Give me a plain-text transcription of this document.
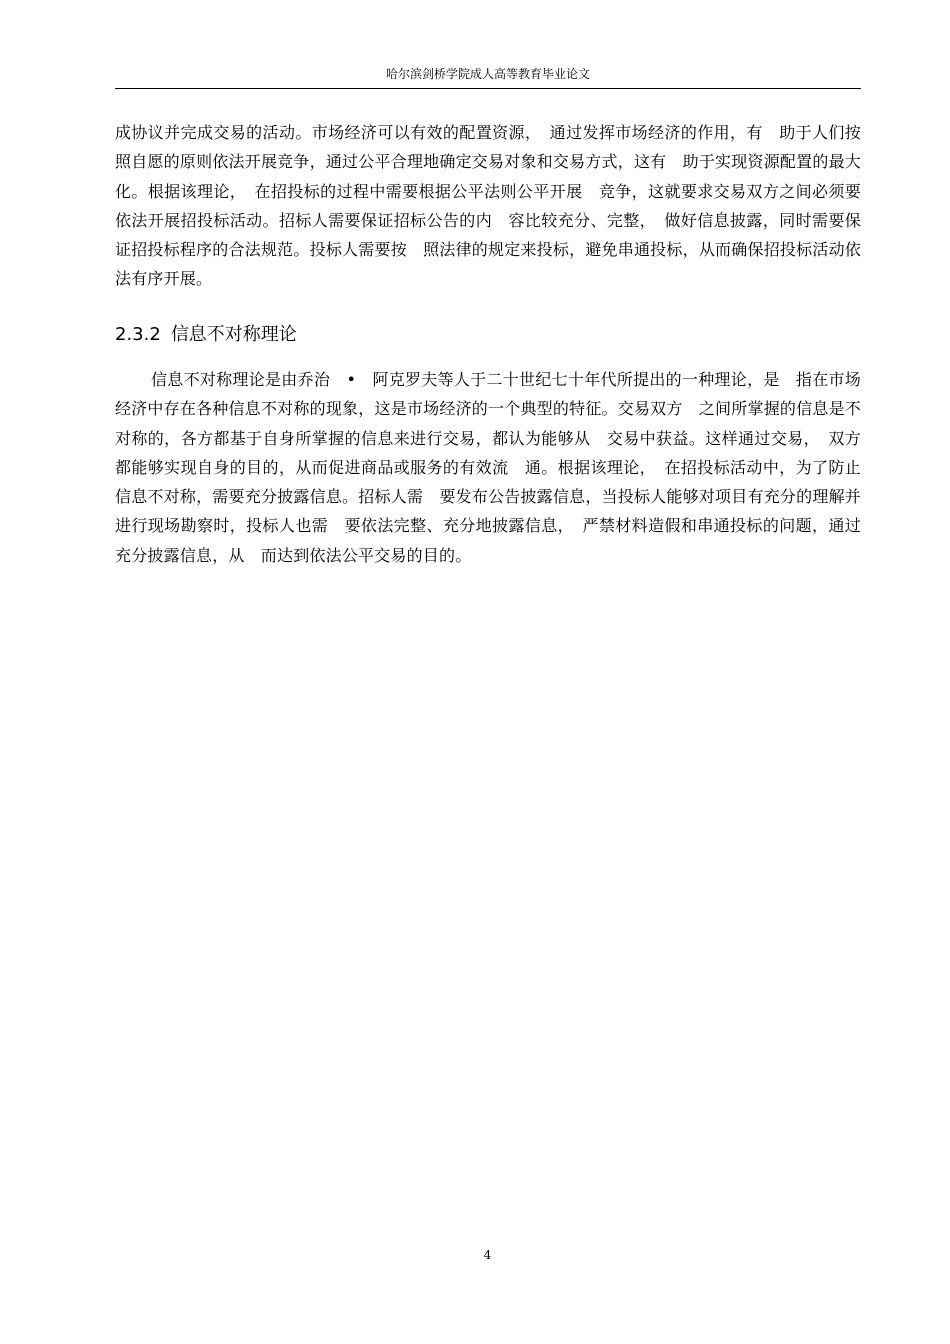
哈尔滨剑桥学院成人高等教育毕业论文

成协议并完成交易的活动。市场经济可以有效的配置资源，　通过发挥市场经济的作用，有　助于人们按照自愿的原则依法开展竞争，通过公平合理地确定交易对象和交易方式，这有　助于实现资源配置的最大化。根据该理论，　在招投标的过程中需要根据公平法则公平开展　竞争，这就要求交易双方之间必须要依法开展招投标活动。招标人需要保证招标公告的内　容比较充分、完整，　做好信息披露，同时需要保证招投标程序的合法规范。投标人需要按　照法律的规定来投标，避免串通投标，从而确保招投标活动依法有序开展。

2.3.2 信息不对称理论

信息不对称理论是由乔治　•　阿克罗夫等人于二十世纪七十年代所提出的一种理论，是　指在市场经济中存在各种信息不对称的现象，这是市场经济的一个典型的特征。交易双方　之间所掌握的信息是不对称的，各方都基于自身所掌握的信息来进行交易，都认为能够从　交易中获益。这样通过交易，　双方都能够实现自身的目的，从而促进商品或服务的有效流　通。根据该理论，　在招投标活动中，为了防止信息不对称，需要充分披露信息。招标人需　要发布公告披露信息，当投标人能够对项目有充分的理解并进行现场勘察时，投标人也需　要依法完整、充分地披露信息，　严禁材料造假和串通投标的问题，通过充分披露信息，从　而达到依法公平交易的目的。

4
